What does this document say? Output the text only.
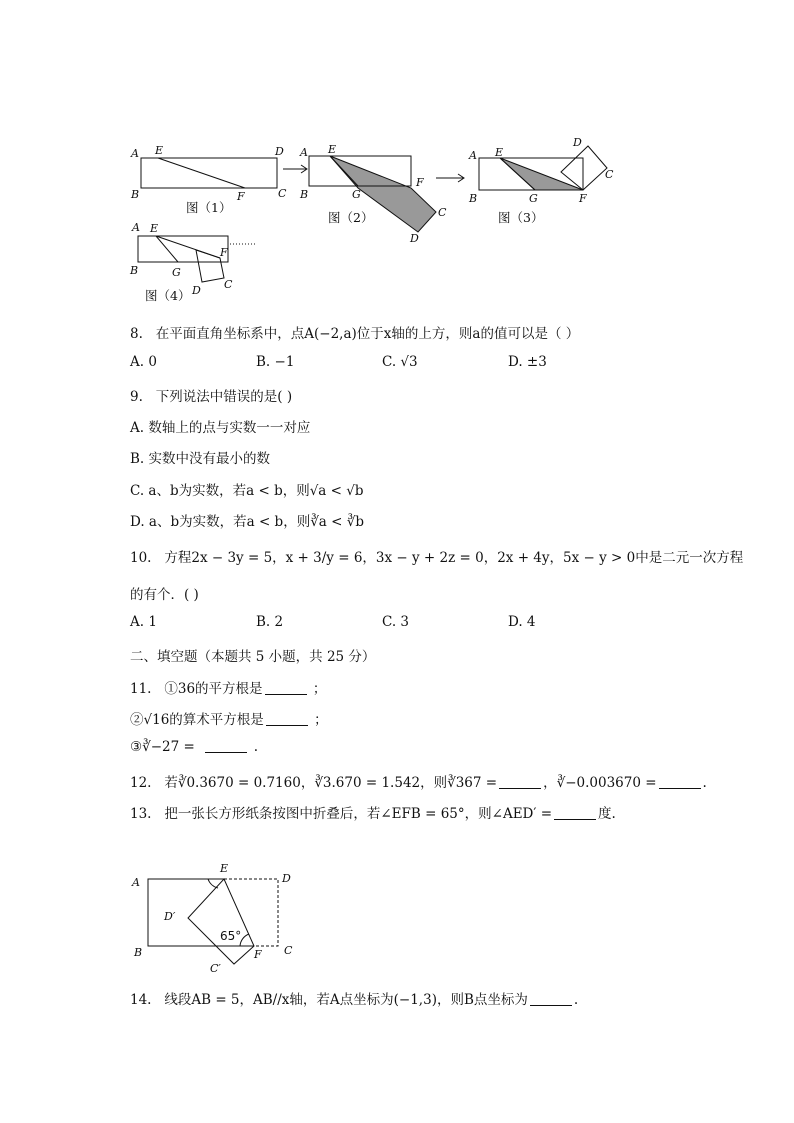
A E	D
B	F	C
图（1）
A E
B	G
F
C
D
图（2）
A E
B	G	F
C
D
图（3）
A E
B	G
F
D C
图（4）
8. 在平面直角坐标系中，点A(−2,a)位于x轴的上方，则a的值可以是（ ）
A. 0	B. −1	C. √3	D. ±3
9. 下列说法中错误的是( )
A. 数轴上的点与实数一一对应
B. 实数中没有最小的数
C. a、b为实数，若a < b，则√a < √b
D. a、b为实数，若a < b，则∛a < ∛b
10. 方程2x − 3y = 5，x + 3/y = 6，3x − y + 2z = 0，2x + 4y，5x − y > 0中是二元一次方程
的有个．( )
A. 1	B. 2	C. 3	D. 4
二、填空题（本题共 5 小题，共 25 分）
11. ①36的平方根是	；
②√16的算术平方根是	；
③∛−27 =	.
12. 若∛0.3670 = 0.7160，∛3.670 = 1.542，则∛367 =	，∛−0.003670 =	.
13. 把一张长方形纸条按图中折叠后，若∠EFB = 65°，则∠AED′ =	度.
A
E
D
D′
65°
B	F C
C′
14. 线段AB = 5，AB//x轴，若A点坐标为(−1,3)，则B点坐标为	.
